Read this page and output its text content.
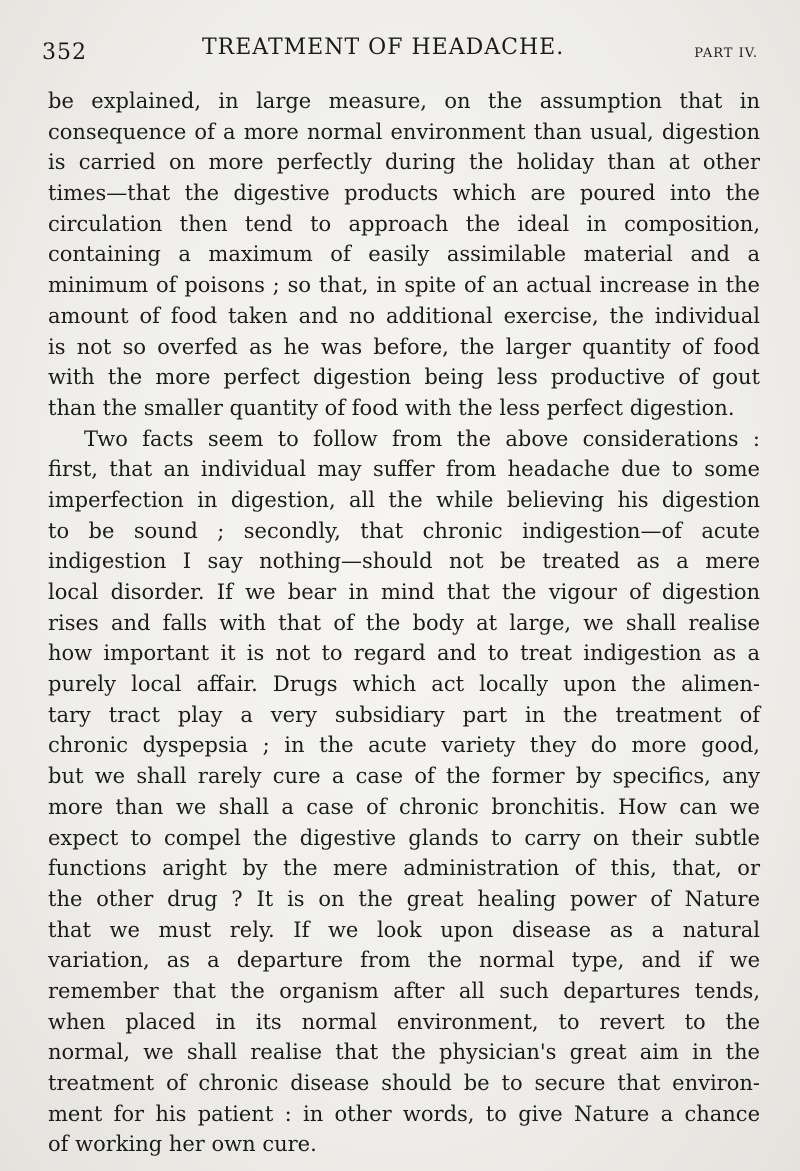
352	TREATMENT OF HEADACHE.	PART IV.
be explained, in large measure, on the assumption that in
consequence of a more normal environment than usual, digestion
is carried on more perfectly during the holiday than at other
times—that the digestive products which are poured into the
circulation then tend to approach the ideal in composition,
containing a maximum of easily assimilable material and a
minimum of poisons ; so that, in spite of an actual increase in the
amount of food taken and no additional exercise, the individual
is not so overfed as he was before, the larger quantity of food
with the more perfect digestion being less productive of gout
than the smaller quantity of food with the less perfect digestion.
Two facts seem to follow from the above considerations :
first, that an individual may suffer from headache due to some
imperfection in digestion, all the while believing his digestion
to be sound ; secondly, that chronic indigestion—of acute
indigestion I say nothing—should not be treated as a mere
local disorder. If we bear in mind that the vigour of digestion
rises and falls with that of the body at large, we shall realise
how important it is not to regard and to treat indigestion as a
purely local affair. Drugs which act locally upon the alimen-
tary tract play a very subsidiary part in the treatment of
chronic dyspepsia ; in the acute variety they do more good,
but we shall rarely cure a case of the former by specifics, any
more than we shall a case of chronic bronchitis. How can we
expect to compel the digestive glands to carry on their subtle
functions aright by the mere administration of this, that, or
the other drug ? It is on the great healing power of Nature
that we must rely. If we look upon disease as a natural
variation, as a departure from the normal type, and if we
remember that the organism after all such departures tends,
when placed in its normal environment, to revert to the
normal, we shall realise that the physician's great aim in the
treatment of chronic disease should be to secure that environ-
ment for his patient : in other words, to give Nature a chance
of working her own cure.
